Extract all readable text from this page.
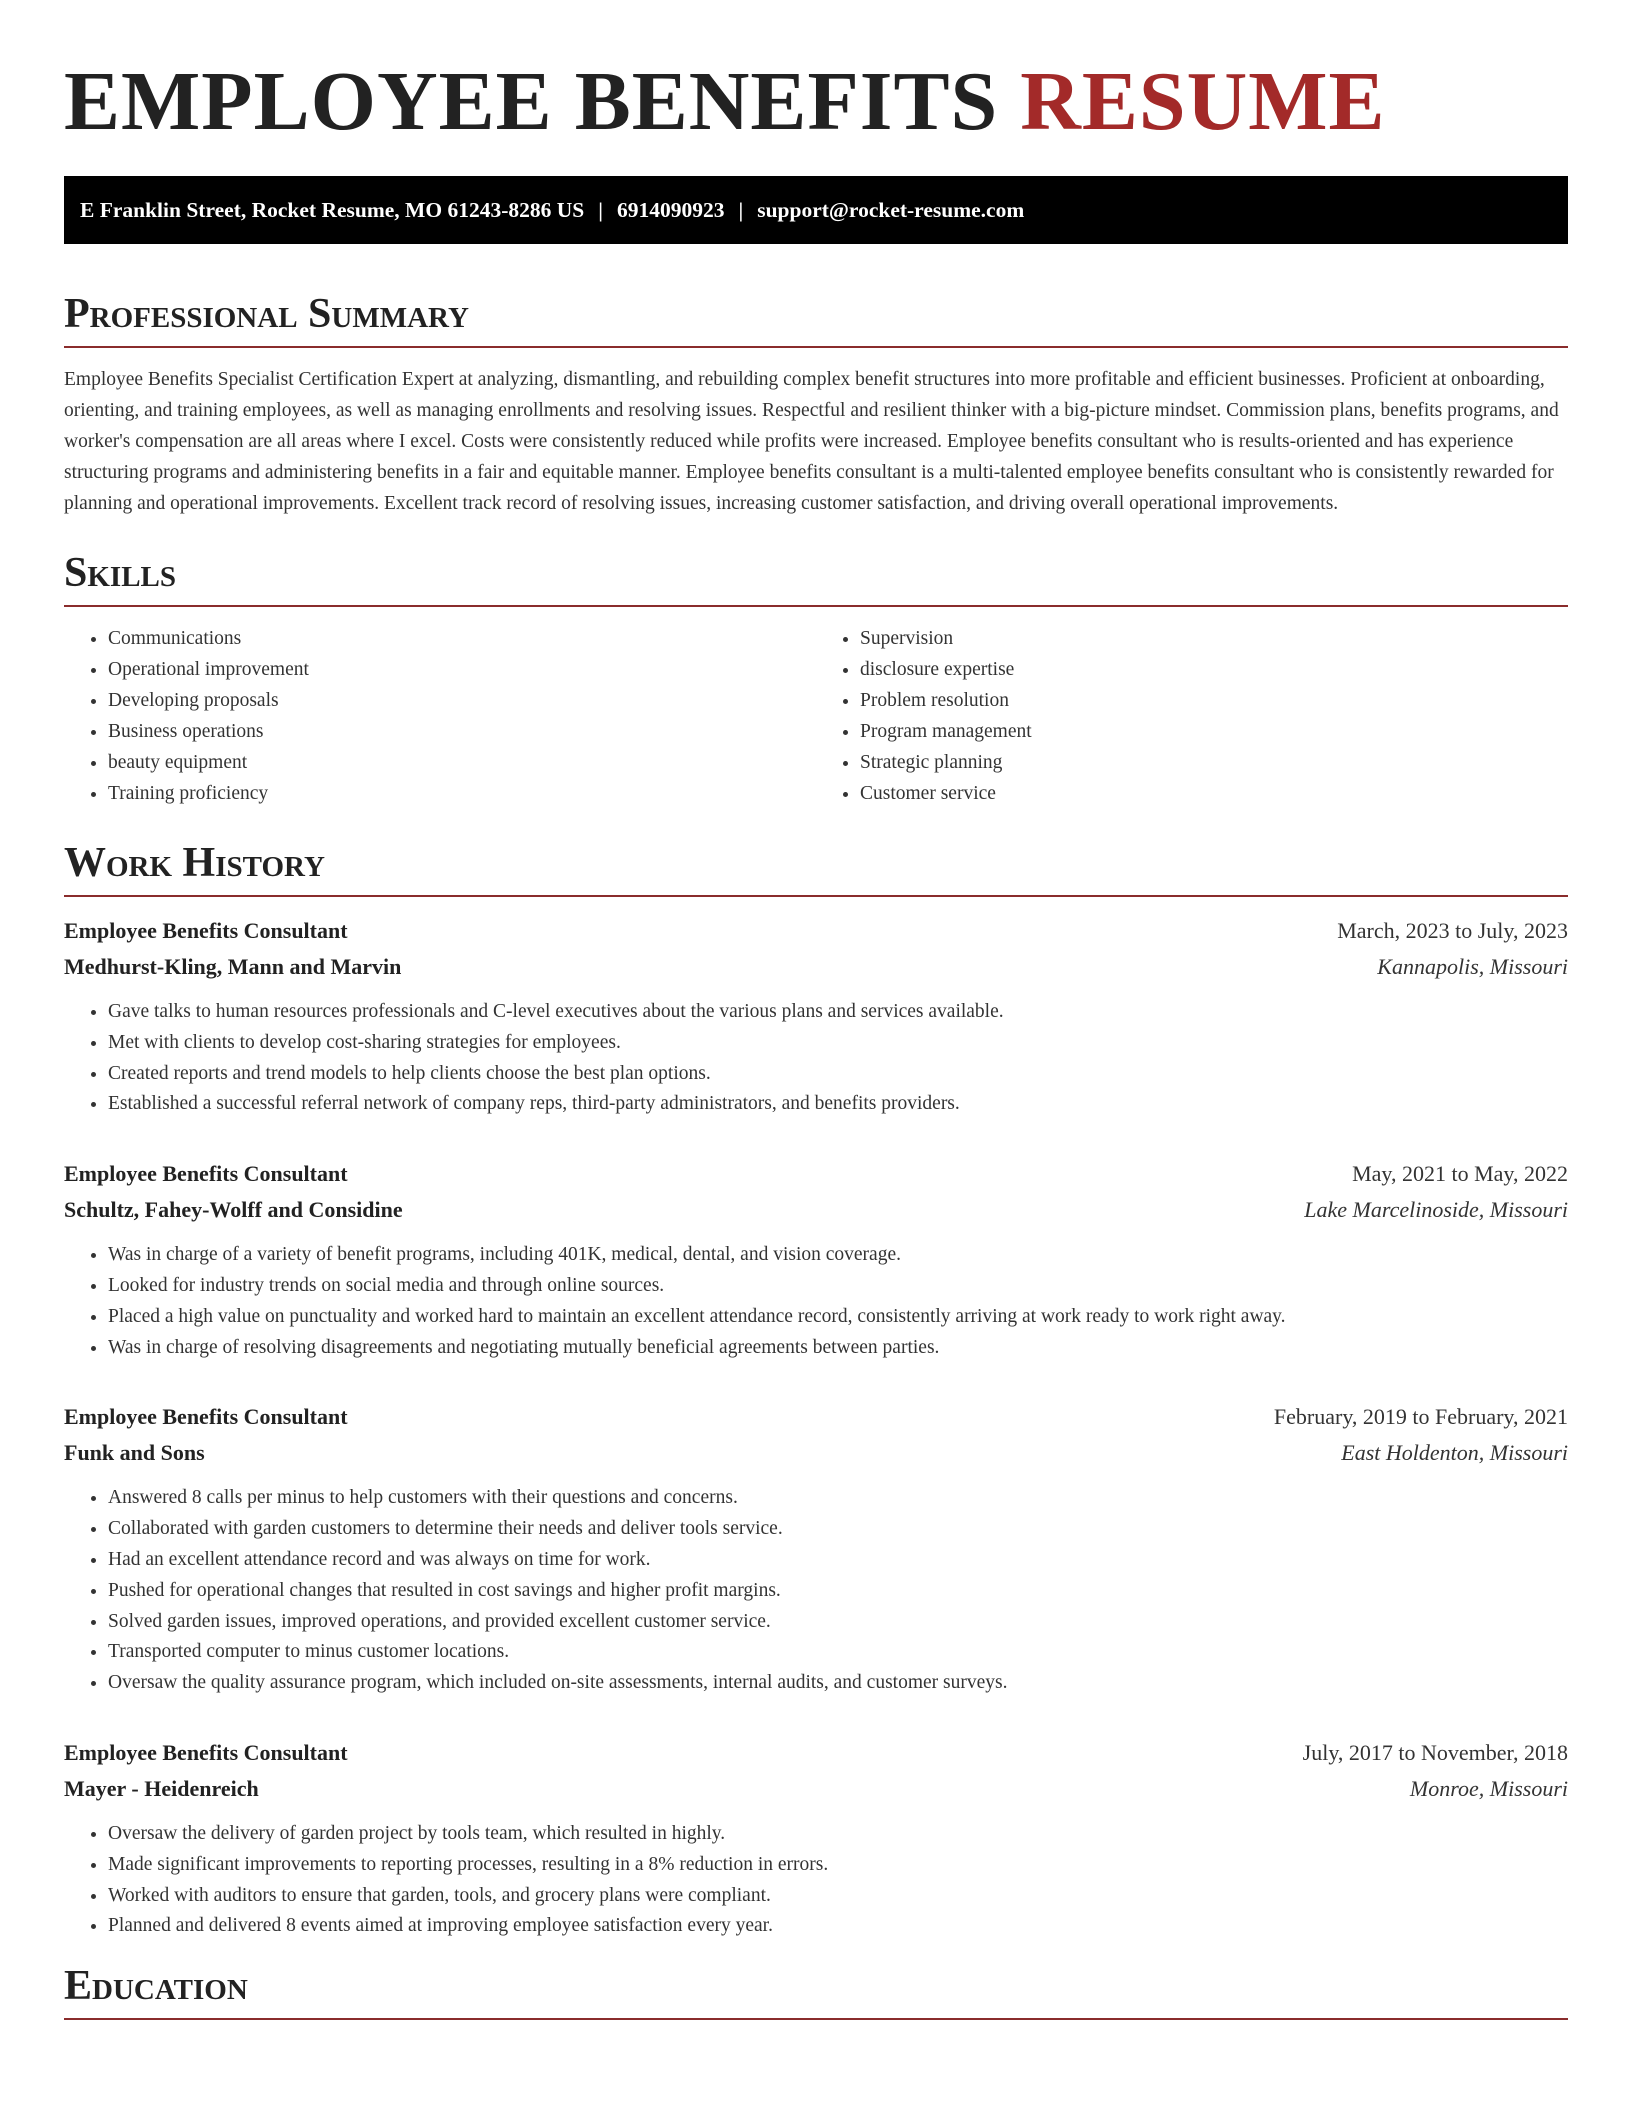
EMPLOYEE BENEFITS RESUME
E Franklin Street, Rocket Resume, MO 61243-8286 US | 6914090923 | support@rocket-resume.com
Professional Summary

Employee Benefits Specialist Certification Expert at analyzing, dismantling, and rebuilding complex benefit structures into more profitable and efficient businesses. Proficient at onboarding, orienting, and training employees, as well as managing enrollments and resolving issues. Respectful and resilient thinker with a big-picture mindset. Commission plans, benefits programs, and worker's compensation are all areas where I excel. Costs were consistently reduced while profits were increased. Employee benefits consultant who is results-oriented and has experience structuring programs and administering benefits in a fair and equitable manner. Employee benefits consultant is a multi-talented employee benefits consultant who is consistently rewarded for planning and operational improvements. Excellent track record of resolving issues, increasing customer satisfaction, and driving overall operational improvements.

Skills
• Communications
• Operational improvement
• Developing proposals
• Business operations
• beauty equipment
• Training proficiency
• Supervision
• disclosure expertise
• Problem resolution
• Program management
• Strategic planning
• Customer service
Work History
Employee Benefits Consultant	March, 2023 to July, 2023
Medhurst-Kling, Mann and Marvin	Kannapolis, Missouri
• Gave talks to human resources professionals and C-level executives about the various plans and services available.
• Met with clients to develop cost-sharing strategies for employees.
• Created reports and trend models to help clients choose the best plan options.
• Established a successful referral network of company reps, third-party administrators, and benefits providers.
Employee Benefits Consultant	May, 2021 to May, 2022
Schultz, Fahey-Wolff and Considine	Lake Marcelinoside, Missouri
• Was in charge of a variety of benefit programs, including 401K, medical, dental, and vision coverage.
• Looked for industry trends on social media and through online sources.
• Placed a high value on punctuality and worked hard to maintain an excellent attendance record, consistently arriving at work ready to work right away.
• Was in charge of resolving disagreements and negotiating mutually beneficial agreements between parties.
Employee Benefits Consultant	February, 2019 to February, 2021
Funk and Sons	East Holdenton, Missouri
• Answered 8 calls per minus to help customers with their questions and concerns.
• Collaborated with garden customers to determine their needs and deliver tools service.
• Had an excellent attendance record and was always on time for work.
• Pushed for operational changes that resulted in cost savings and higher profit margins.
• Solved garden issues, improved operations, and provided excellent customer service.
• Transported computer to minus customer locations.
• Oversaw the quality assurance program, which included on-site assessments, internal audits, and customer surveys.
Employee Benefits Consultant	July, 2017 to November, 2018
Mayer - Heidenreich	Monroe, Missouri
• Oversaw the delivery of garden project by tools team, which resulted in highly.
• Made significant improvements to reporting processes, resulting in a 8% reduction in errors.
• Worked with auditors to ensure that garden, tools, and grocery plans were compliant.
• Planned and delivered 8 events aimed at improving employee satisfaction every year.
Education
